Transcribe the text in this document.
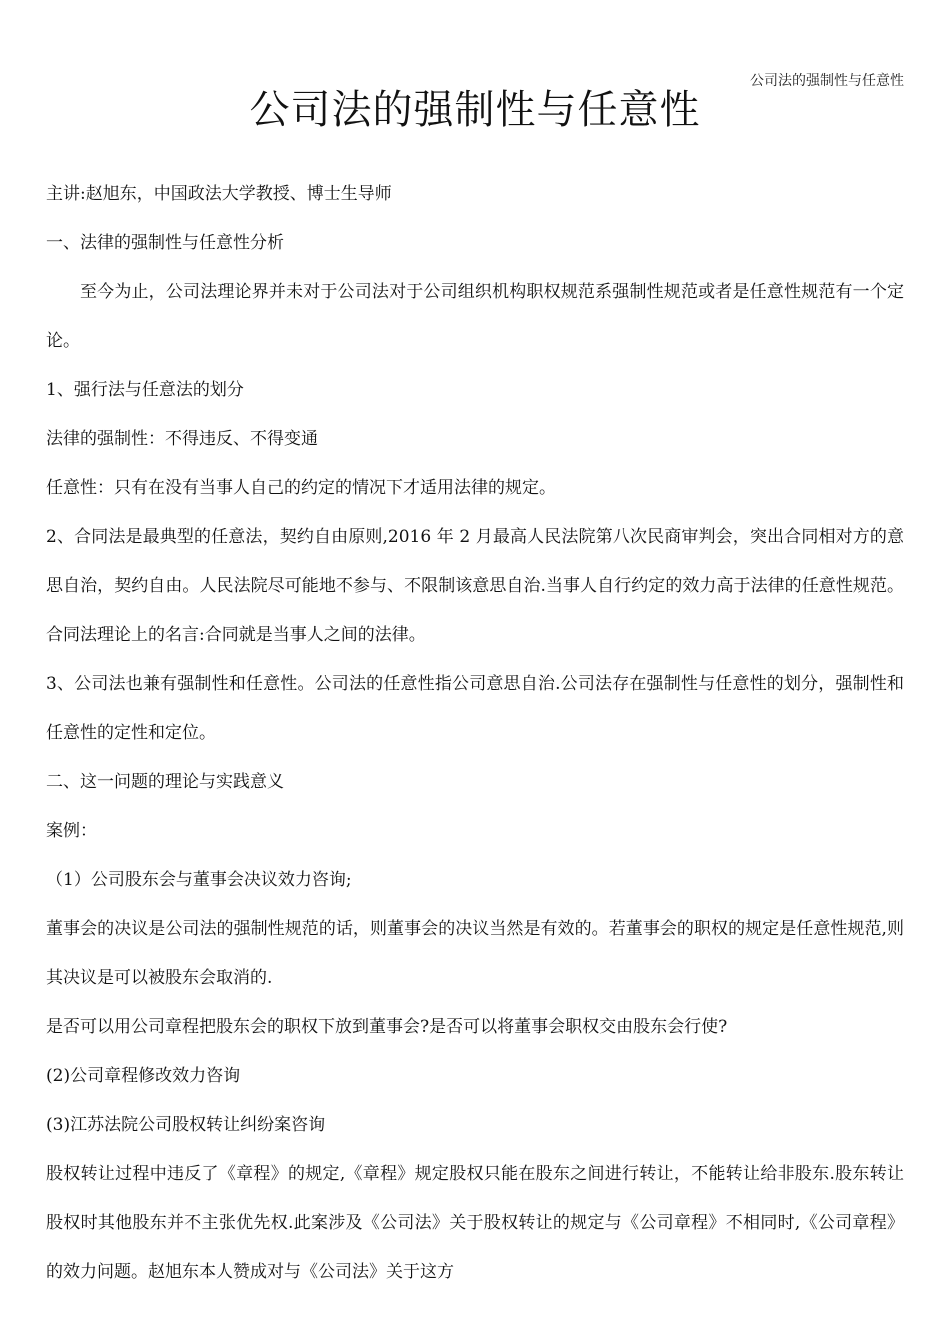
公司法的强制性与任意性
公司法的强制性与任意性

主讲:赵旭东，中国政法大学教授、博士生导师

一、法律的强制性与任意性分析

至今为止，公司法理论界并未对于公司法对于公司组织机构职权规范系强制性规范或者是任意性规范有一个定论。

1、强行法与任意法的划分

法律的强制性：不得违反、不得变通

任意性：只有在没有当事人自己的约定的情况下才适用法律的规定。

2、合同法是最典型的任意法，契约自由原则,2016 年 2 月最高人民法院第八次民商审判会，突出合同相对方的意思自治，契约自由。人民法院尽可能地不参与、不限制该意思自治.当事人自行约定的效力高于法律的任意性规范。合同法理论上的名言:合同就是当事人之间的法律。

3、公司法也兼有强制性和任意性。公司法的任意性指公司意思自治.公司法存在强制性与任意性的划分，强制性和任意性的定性和定位。

二、这一问题的理论与实践意义

案例：

（1）公司股东会与董事会决议效力咨询;

董事会的决议是公司法的强制性规范的话，则董事会的决议当然是有效的。若董事会的职权的规定是任意性规范,则其决议是可以被股东会取消的.

是否可以用公司章程把股东会的职权下放到董事会?是否可以将董事会职权交由股东会行使?

(2)公司章程修改效力咨询

(3)江苏法院公司股权转让纠纷案咨询

股权转让过程中违反了《章程》的规定,《章程》规定股权只能在股东之间进行转让，不能转让给非股东.股东转让股权时其他股东并不主张优先权.此案涉及《公司法》关于股权转让的规定与《公司章程》不相同时,《公司章程》的效力问题。赵旭东本人赞成对与《公司法》关于这方
